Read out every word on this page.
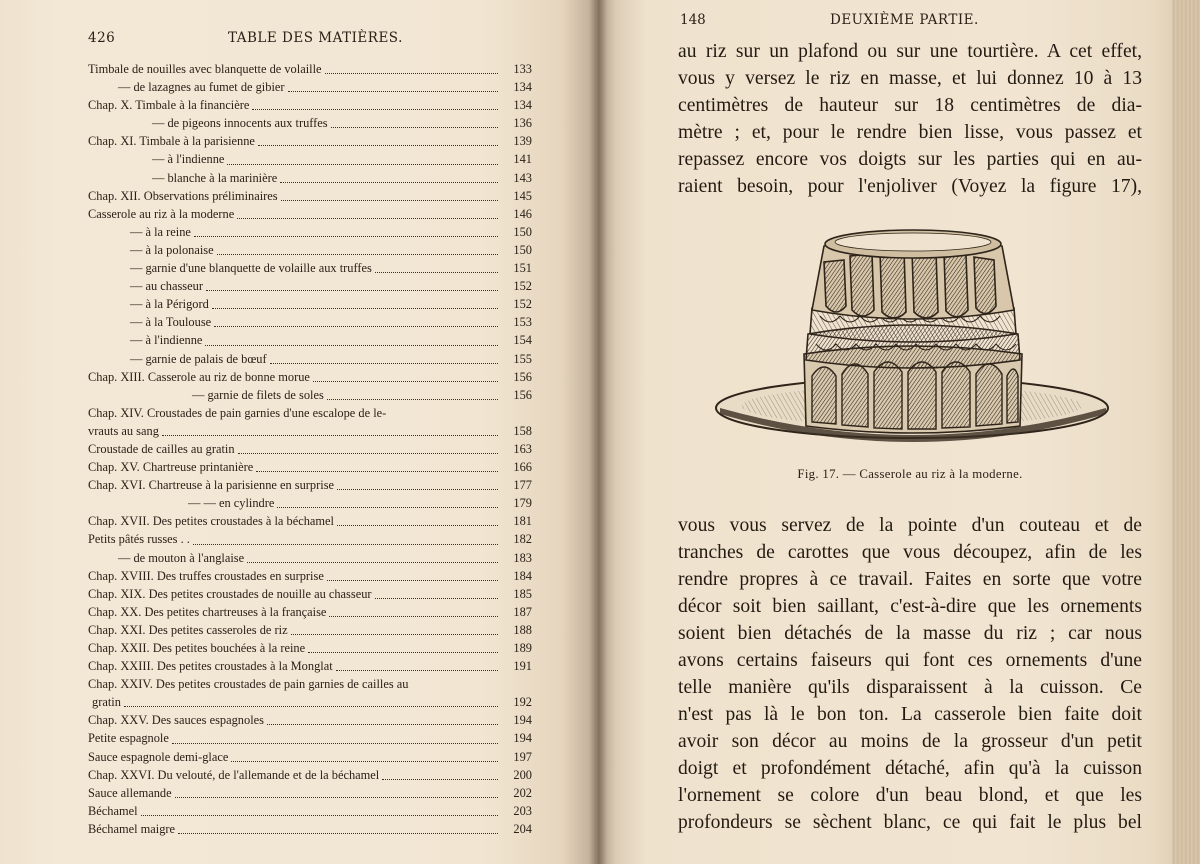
426	TABLE DES MATIÈRES.
Timbale de nouilles avec blanquette de volaille	133
— de lazagnes au fumet de gibier	134
Chap. X. Timbale à la financière	134
— de pigeons innocents aux truffes	136
Chap. XI. Timbale à la parisienne	139
— à l'indienne	141
— blanche à la marinière	143
Chap. XII. Observations préliminaires	145
Casserole au riz à la moderne	146
— à la reine	150
— à la polonaise	150
— garnie d'une blanquette de volaille aux truffes	151
— au chasseur	152
— à la Périgord	152
— à la Toulouse	153
— à l'indienne	154
— garnie de palais de bœuf	155
Chap. XIII. Casserole au riz de bonne morue	156
— garnie de filets de soles	156
Chap. XIV. Croustades de pain garnies d'une escalope de le-
vrauts au sang	158
Croustade de cailles au gratin	163
Chap. XV. Chartreuse printanière	166
Chap. XVI. Chartreuse à la parisienne en surprise	177
— — en cylindre	179
Chap. XVII. Des petites croustades à la béchamel	181
Petits pâtés russes . .	182
— de mouton à l'anglaise	183
Chap. XVIII. Des truffes croustades en surprise	184
Chap. XIX. Des petites croustades de nouille au chasseur	185
Chap. XX. Des petites chartreuses à la française	187
Chap. XXI. Des petites casseroles de riz	188
Chap. XXII. Des petites bouchées à la reine	189
Chap. XXIII. Des petites croustades à la Monglat	191
Chap. XXIV. Des petites croustades de pain garnies de cailles au
gratin	192
Chap. XXV. Des sauces espagnoles	194
Petite espagnole	194
Sauce espagnole demi-glace	197
Chap. XXVI. Du velouté, de l'allemande et de la béchamel	200
Sauce allemande	202
Béchamel	203
Béchamel maigre	204
148	DEUXIÈME PARTIE.

au riz sur un plafond ou sur une tourtière. A cet effet,

vous y versez le riz en masse, et lui donnez 10 à 13

centimètres de hauteur sur 18 centimètres de dia-

mètre ; et, pour le rendre bien lisse, vous passez et

repassez encore vos doigts sur les parties qui en au-

raient besoin, pour l'enjoliver (Voyez la figure 17),

Fig. 17. — Casserole au riz à la moderne.

vous vous servez de la pointe d'un couteau et de

tranches de carottes que vous découpez, afin de les

rendre propres à ce travail. Faites en sorte que votre

décor soit bien saillant, c'est-à-dire que les ornements

soient bien détachés de la masse du riz ; car nous

avons certains faiseurs qui font ces ornements d'une

telle manière qu'ils disparaissent à la cuisson. Ce

n'est pas là le bon ton. La casserole bien faite doit

avoir son décor au moins de la grosseur d'un petit

doigt et profondément détaché, afin qu'à la cuisson

l'ornement se colore d'un beau blond, et que les

profondeurs se sèchent blanc, ce qui fait le plus bel
